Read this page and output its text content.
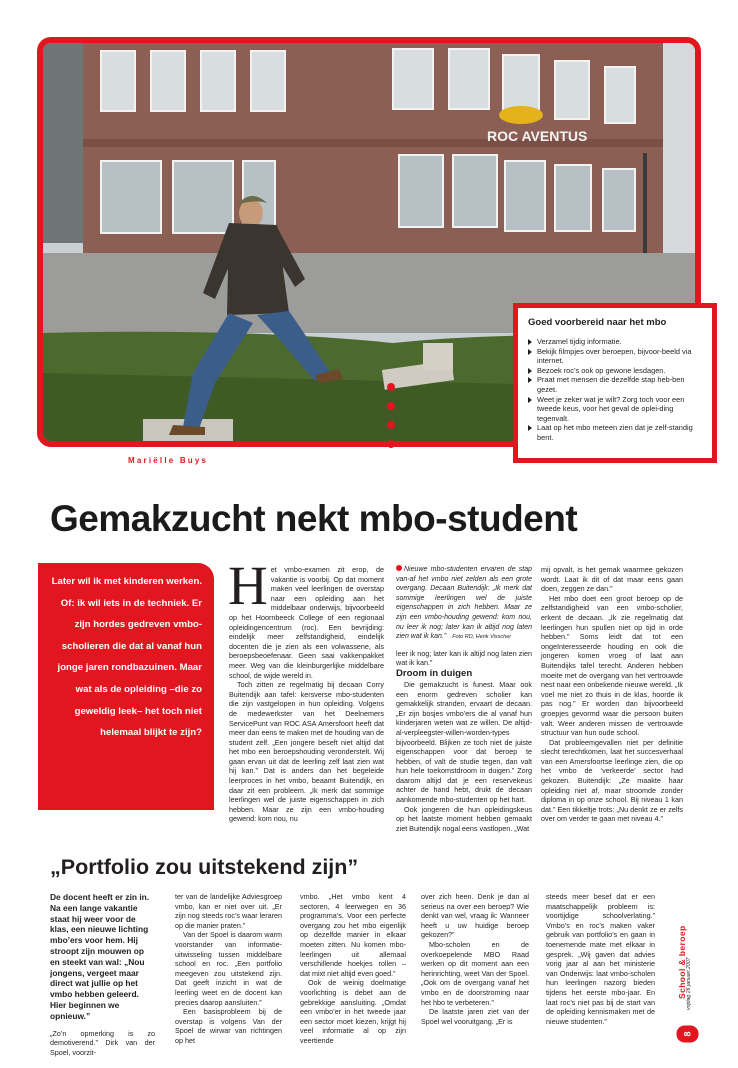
ROC AVENTUS
Mariëlle Buys
Goed voorbereid naar het mbo
Verzamel tijdig informatie.
Bekijk filmpjes over beroepen, bijvoor-beeld via internet.
Bezoek roc’s ook op gewone lesdagen.
Praat met mensen die dezelfde stap heb-ben gezet.
Weet je zeker wat je wilt? Zorg toch voor een tweede keus, voor het geval de oplei-ding tegenvalt.
Laat op het mbo meteen zien dat je zelf-standig bent.
Gemakzucht nekt mbo-student

Later wil ik met kinderen werken. Of: ik wil iets in de techniek. Er zijn hordes gedreven vmbo-scholieren die dat al vanaf hun jonge jaren rondbazuinen. Maar wat als de opleiding –die zo geweldig leek– het toch niet helemaal blijkt te zijn?

Het vmbo-examen zit erop, de vakantie is voorbij. Op dat moment maken veel leerlingen de overstap naar een opleiding aan het middelbaar onderwijs, bijvoorbeeld op het Hoornbeeck College of een regionaal opleidingencentrum (roc). Een bevrijding: eindelijk meer zelfstandigheid, eindelijk docenten die je zien als een volwassene, als beroepsbeoefenaar. Geen saai vakkenpakket meer. Weg van die kleinburgerlijke middelbare school, de wijde wereld in.

Toch zitten ze regelmatig bij decaan Corry Buitendijk aan tafel: kersverse mbo-studenten die zijn vastgelopen in hun opleiding. Volgens de medewerkster van het Deelnemers ServicePunt van ROC ASA Amersfoort heeft dat meer dan eens te maken met de houding van de student zelf. „Een jongere beseft niet altijd dat het mbo een beroepshouding veronderstelt. Wij gaan ervan uit dat de leerling zelf laat zien wat hij kan.” Dat is anders dan het begeleide leerproces in het vmbo, beaamt Buitendijk, en daar zit een probleem. „Ik merk dat sommige leerlingen wel de juiste eigenschappen in zich hebben. Maar ze zijn een vmbo-houding gewend: kom nou, nu

Nieuwe mbo-studenten ervaren de stap van-af het vmbo niet zelden als een grote overgang. Decaan Buitendijk: „Ik merk dat sommige leerlingen wel de juiste eigenschappen in zich hebben. Maar ze zijn een vmbo-houding gewend: kom nou, nu leer ik nog; later kan ik altijd nog laten zien wat ik kan.” Foto RD, Henk Visscher

leer ik nog; later kan ik altijd nog laten zien wat ik kan.”

Droom in duigen

Die gemakzucht is funest. Maar ook een enorm gedreven scholier kan gemakkelijk stranden, ervaart de decaan. „Er zijn bosjes vmbo’ers die al vanaf hun kinderjaren weten wat ze willen. De altijd-al-verpleegster-willen-worden-types bijvoorbeeld. Blijken ze toch niet de juiste eigenschappen voor dat beroep te hebben, of valt de studie tegen, dan valt hun hele toekomstdroom in duigen.” Zorg daarom altijd dat je een reservekeus achter de hand hebt, drukt de decaan aankomende mbo-studenten op het hart.

Ook jongeren die hun opleidingskeus op het laatste moment hebben gemaakt ziet Buitendijk nogal eens vastlopen. „Wat

mij opvalt, is het gemak waarmee gekozen wordt. Laat ik dit of dat maar eens gaan doen, zeggen ze dan.”

Het mbo doet een groot beroep op de zelfstandigheid van een vmbo-scholier, erkent de decaan. „Ik zie regelmatig dat leerlingen hun spullen niet op tijd in orde hebben.” Soms leidt dat tot een ongeïnteresseerde houding en ook die jongeren komen vroeg of laat aan Buitendijks tafel terecht. Anderen hebben moeite met de overgang van het vertrouwde nest naar een onbekende nieuwe wereld. „Ik voel me niet zo thuis in de klas, hoorde ik pas nog.” Er worden dan bijvoorbeeld groepjes gevormd waar die persoon buiten valt. Weer anderen missen de vertrouwde structuur van hun oude school.

Dat probleemgevallen niet per definitie slecht terechtkomen, laat het succesverhaal van een Amersfoortse leerlinge zien, die op het vmbo de ‘verkeerde’ sector had gekozen. Buitendijk: „Ze maakte haar opleiding niet af, maar stroomde zonder diploma in op onze school. Bij niveau 1 kan dat.” Een tikkeltje trots: „Nu denkt ze er zelfs over om verder te gaan met niveau 4.”

„Portfolio zou uitstekend zijn”

De docent heeft er zin in. Na een lange vakantie staat hij weer voor de klas, een nieuwe lichting mbo’ers voor hem. Hij stroopt zijn mouwen op en steekt van wal: „Nou jongens, vergeet maar direct wat jullie op het vmbo hebben geleerd. Hier beginnen we opnieuw.”

„Zo’n opmerking is zo demotiverend.” Dirk van der Spoel, voorzit-

ter van de landelijke Adviesgroep vmbo, kan er niet over uit. „Er zijn nog steeds roc’s waar leraren op die manier praten.”

Van der Spoel is daarom warm voorstander van informatie-uitwisseling tussen middelbare school en roc. „Een portfolio meegeven zou uitstekend zijn. Dat geeft inzicht in wat de leerling weet en de docent kan precies daarop aansluiten.”

Een basisprobleem bij de overstap is volgens Van der Spoel de wirwar van richtingen op het

vmbo. „Het vmbo kent 4 sectoren, 4 leerwegen en 36 programma’s. Voor een perfecte overgang zou het mbo eigenlijk op dezelfde manier in elkaar moeten zitten. Nu komen mbo-leerlingen uit allemaal verschillende hoekjes rollen – dat mixt niet altijd even goed.”

Ook de weinig doelmatige voorlichting is debet aan de gebrekkige aansluiting. „Omdat een vmbo’er in het tweede jaar een sector moet kiezen, krijgt hij veel informatie al op zijn veertiende

over zich heen. Denk je dan al serieus na over een beroep? Wie denkt van wel, vraag ik: Wanneer heeft u uw huidige beroep gekozen?”

Mbo-scholen en de overkoepelende MBO Raad werken op dit moment aan een herinrichting, weet Van der Spoel. „Ook om de overgang vanaf het vmbo en de doorstroming naar het hbo te verbeteren.”

De laatste jaren ziet van der Spoel wel vooruitgang. „Er is

steeds meer besef dat er een maatschappelijk probleem is: voortijdige schoolverlating.” Vmbo’s en roc’s maken vaker gebruik van portfolio’s en gaan in toenemende mate met elkaar in gesprek. „Wij gaven dat advies vorig jaar al aan het ministerie van Onderwijs: laat vmbo-scholen hun leerlingen nazorg bieden tijdens het eerste mbo-jaar. En laat roc’s niet pas bij de start van de opleiding kennismaken met de nieuwe studenten.”

School & beroep vrijdag 26 januari 2007
8
